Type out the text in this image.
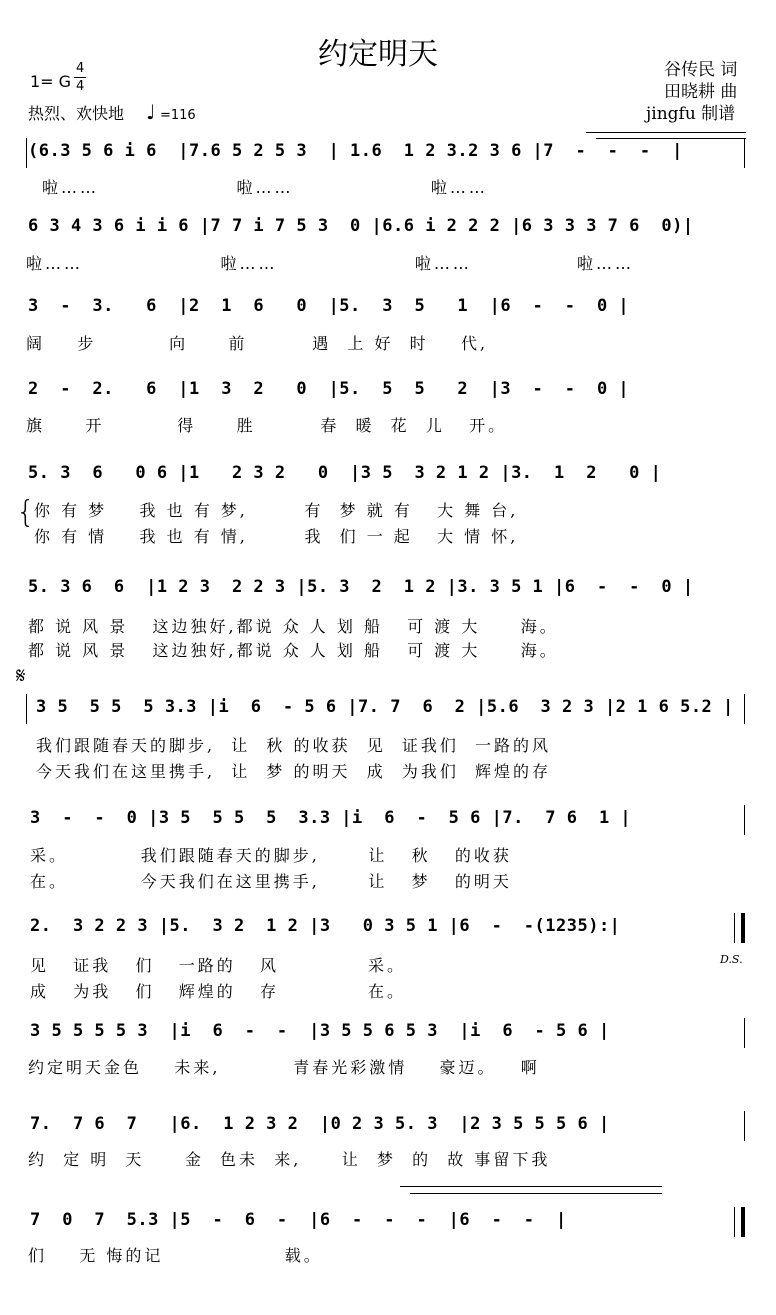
约定明天
1= G
4
4
热烈、欢快地 ♩ =116
谷传民 词
田晓耕 曲
jingfu 制谱
(6.3 5 6 i 6  |7.6 5 2 5 3  | 1.6  1 2 3.2 3 6 |7  -  -  -  |
啦……                 啦……                 啦……
6 3 4 3 6 i i 6 |7 7 i 7 5 3  0 |6.6 i 2 2 2 |6 3 3 3 7 6  0)|
啦……                 啦……                 啦……             啦……
3  -  3.   6  |2  1  6   0  |5.  3  5   1  |6  -  -  0 |
阔    步         向     前        遇  上 好  时    代,
2  -  2.   6  |1  3  2   0  |5.  5  5   2  |3  -  -  0 |
旗     开         得     胜        春  暖  花  儿   开。
5. 3  6   0 6 |1   2 3 2   0  |3 5  3 2 1 2 |3.  1  2   0 |
{
你 有 梦    我 也 有 梦,       有  梦 就 有   大 舞 台,
你 有 情    我 也 有 情,       我  们 一 起   大 情 怀,
5. 3 6  6  |1 2 3  2 2 3 |5. 3  2  1 2 |3. 3 5 1 |6  -  -  0 |
都 说 风 景   这边独好,都说 众 人 划 船   可 渡 大     海。
都 说 风 景   这边独好,都说 众 人 划 船   可 渡 大     海。
𝄋
3 5  5 5  5 3.3 |i  6  - 5 6 |7. 7  6  2 |5.6  3 2 3 |2 1 6 5.2 |
我们跟随春天的脚步,  让  秋 的收获  见  证我们  一路的风
今天我们在这里携手,  让  梦 的明天  成  为我们  辉煌的存
3  -  -  0 |3 5  5 5  5  3.3 |i  6  -  5 6 |7.  7 6  1 |
采。         我们跟随春天的脚步,      让   秋   的收获
在。         今天我们在这里携手,      让   梦   的明天
2.  3 2 2 3 |5.  3 2  1 2 |3   0 3 5 1 |6  -  -(1235):|
D.S.
见   证我   们   一路的   风           采。
成   为我   们   辉煌的   存           在。
3 5 5 5 5 3  |i  6  -  -  |3 5 5 6 5 3  |i  6  - 5 6 |
约定明天金色    未来,         青春光彩激情    豪迈。   啊
7.  7 6  7   |6.  1 2 3 2  |0 2 3 5. 3  |2 3 5 5 5 6 |
约  定 明  天     金  色未  来,     让  梦  的  故 事留下我
7  0  7  5.3 |5  -  6  -  |6  -  -  -  |6  -  -  |
们    无 悔的记               载。
